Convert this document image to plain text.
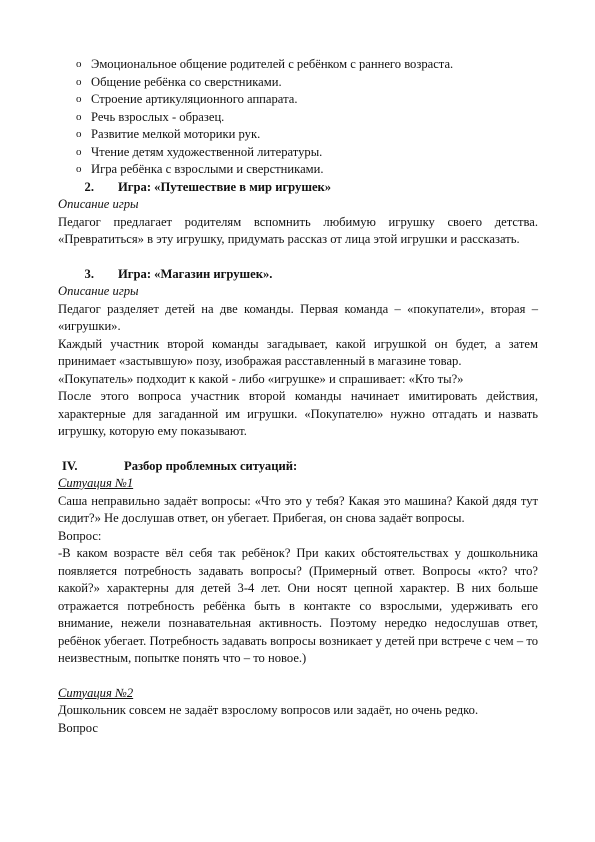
o Эмоциональное общение родителей с ребёнком с раннего возраста.
o Общение ребёнка со сверстниками.
o Строение артикуляционного аппарата.
o Речь взрослых - образец.
o Развитие мелкой моторики рук.
o Чтение детям художественной литературы.
o Игра ребёнка с взрослыми и сверстниками.
2. Игра: «Путешествие в мир игрушек»
Описание игры

Педагог предлагает родителям вспомнить любимую игрушку своего детства. «Превратиться» в эту игрушку, придумать рассказ от лица этой игрушки и рассказать.

3. Игра: «Магазин игрушек».
Описание игры

Педагог разделяет детей на две команды. Первая команда – «покупатели», вторая – «игрушки».

Каждый участник второй команды загадывает, какой игрушкой он будет, а затем принимает «застывшую» позу, изображая расставленный в магазине товар.

«Покупатель» подходит к какой - либо «игрушке» и спрашивает: «Кто ты?»

После этого вопроса участник второй команды начинает имитировать действия, характерные для загаданной им игрушки. «Покупателю» нужно отгадать и назвать игрушку, которую ему показывают.

IV.	Разбор проблемных ситуаций:
Ситуация №1

Саша неправильно задаёт вопросы: «Что это у тебя? Какая это машина? Какой дядя тут сидит?» Не дослушав ответ, он убегает. Прибегая, он снова задаёт вопросы.

Вопрос:

-В каком возрасте вёл себя так ребёнок? При каких обстоятельствах у дошкольника появляется потребность задавать вопросы? (Примерный ответ. Вопросы «кто? что? какой?» характерны для детей 3-4 лет. Они носят цепной характер. В них больше отражается потребность ребёнка быть в контакте со взрослыми, удерживать его внимание, нежели познавательная активность. Поэтому нередко недослушав ответ, ребёнок убегает. Потребность задавать вопросы возникает у детей при встрече с чем – то неизвестным, попытке понять что – то новое.)

Ситуация №2

Дошкольник совсем не задаёт взрослому вопросов или задаёт, но очень редко.

Вопрос
